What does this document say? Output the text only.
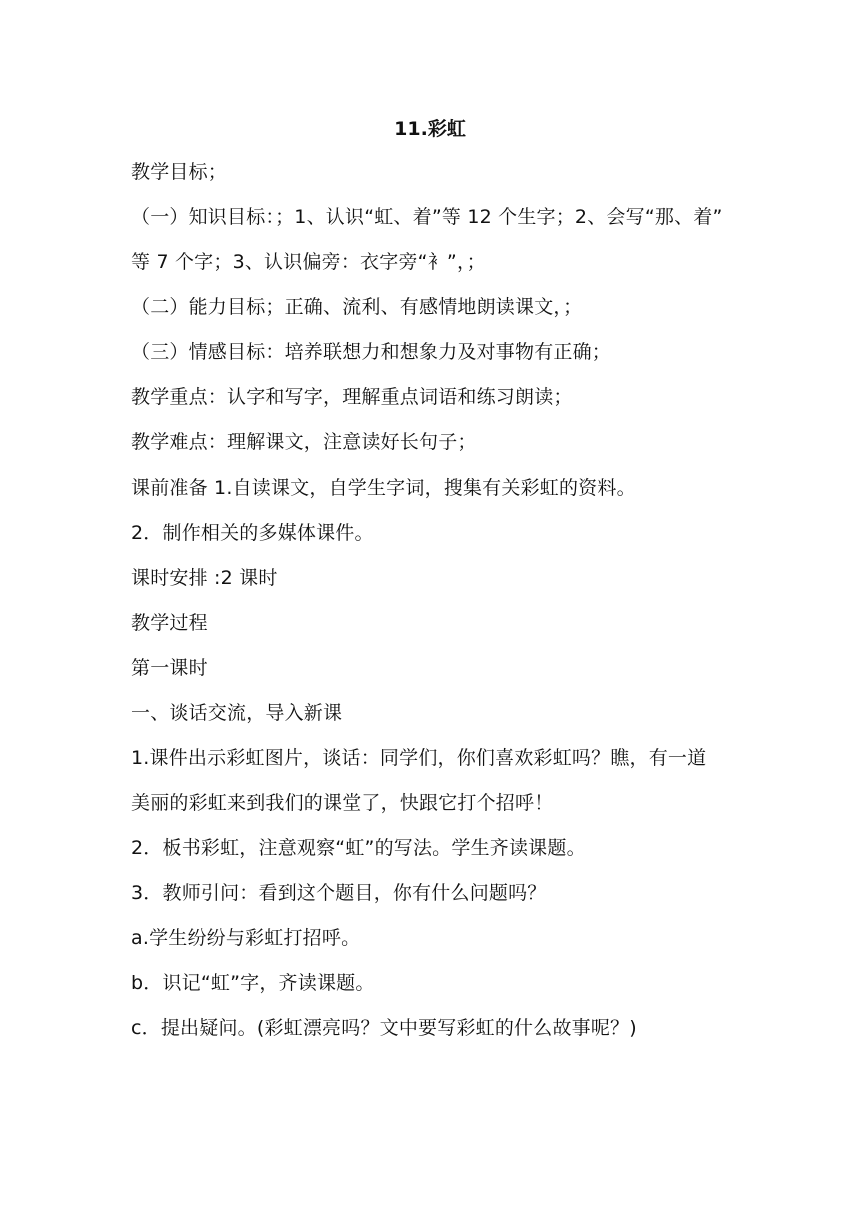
11.彩虹
教学目标；
（一）知识目标：；1、认识“虹、着”等 12 个生字；2、会写“那、着”
等 7 个字；3、认识偏旁：衣字旁“衤”，；
（二）能力目标；正确、流利、有感情地朗读课文，；
（三）情感目标：培养联想力和想象力及对事物有正确；
教学重点：认字和写字，理解重点词语和练习朗读；
教学难点：理解课文，注意读好长句子；
课前准备 1.自读课文，自学生字词，搜集有关彩虹的资料。
2．制作相关的多媒体课件。
课时安排 :2 课时
教学过程
第一课时
一、谈话交流，导入新课
1.课件出示彩虹图片，谈话：同学们，你们喜欢彩虹吗？瞧，有一道
美丽的彩虹来到我们的课堂了，快跟它打个招呼！
2．板书彩虹，注意观察“虹”的写法。学生齐读课题。
3．教师引问：看到这个题目，你有什么问题吗？
a.学生纷纷与彩虹打招呼。
b．识记“虹”字，齐读课题。
c．提出疑问。(彩虹漂亮吗？文中要写彩虹的什么故事呢？)
